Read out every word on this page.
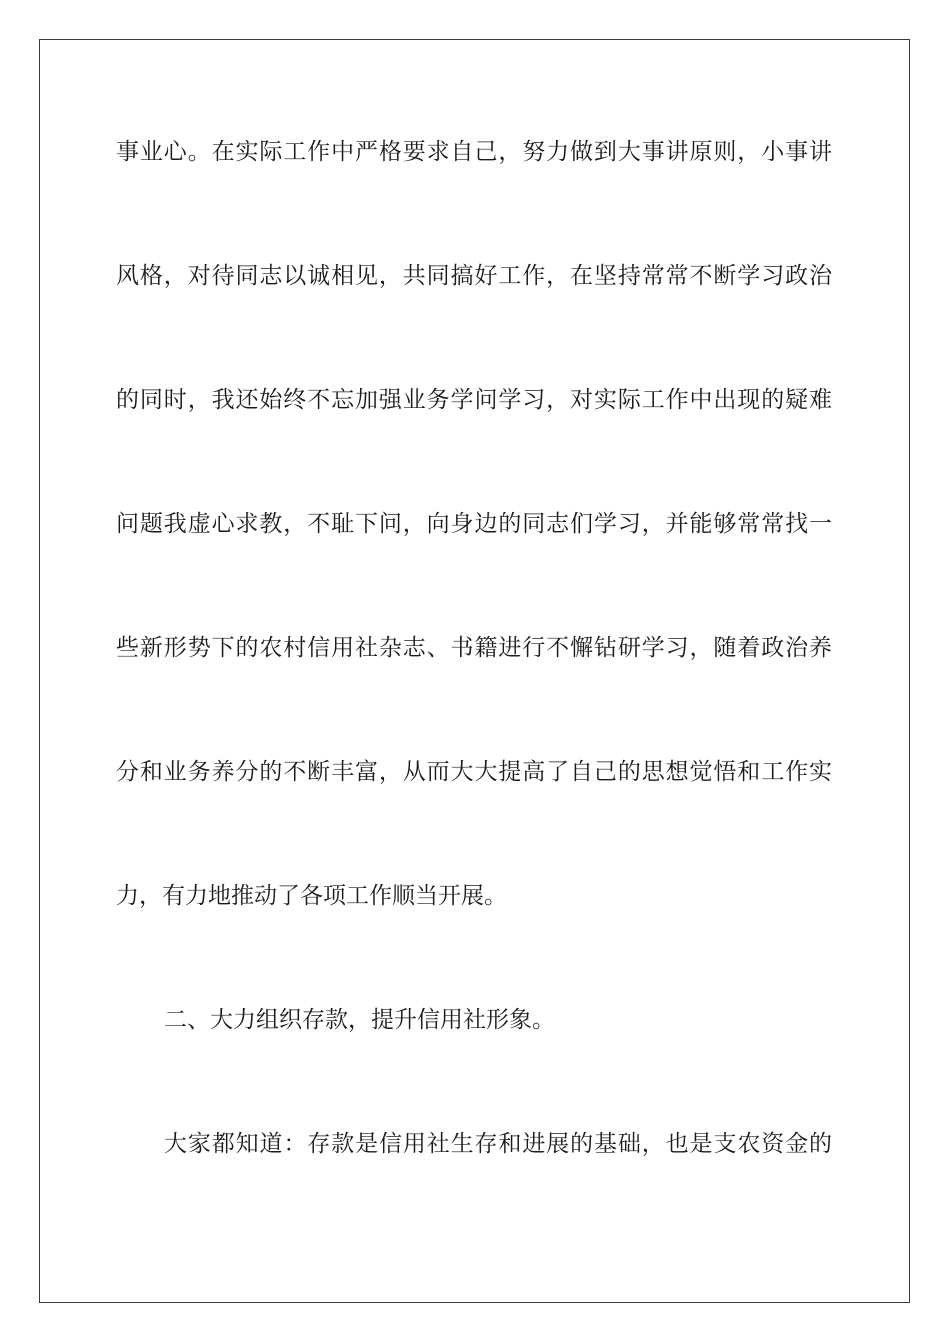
事业心。在实际工作中严格要求自己，努力做到大事讲原则，小事讲
风格，对待同志以诚相见，共同搞好工作，在坚持常常不断学习政治
的同时，我还始终不忘加强业务学问学习，对实际工作中出现的疑难
问题我虚心求教，不耻下问，向身边的同志们学习，并能够常常找一
些新形势下的农村信用社杂志、书籍进行不懈钻研学习，随着政治养
分和业务养分的不断丰富，从而大大提高了自己的思想觉悟和工作实
力，有力地推动了各项工作顺当开展。
二、大力组织存款，提升信用社形象。
大家都知道：存款是信用社生存和进展的基础，也是支农资金的
